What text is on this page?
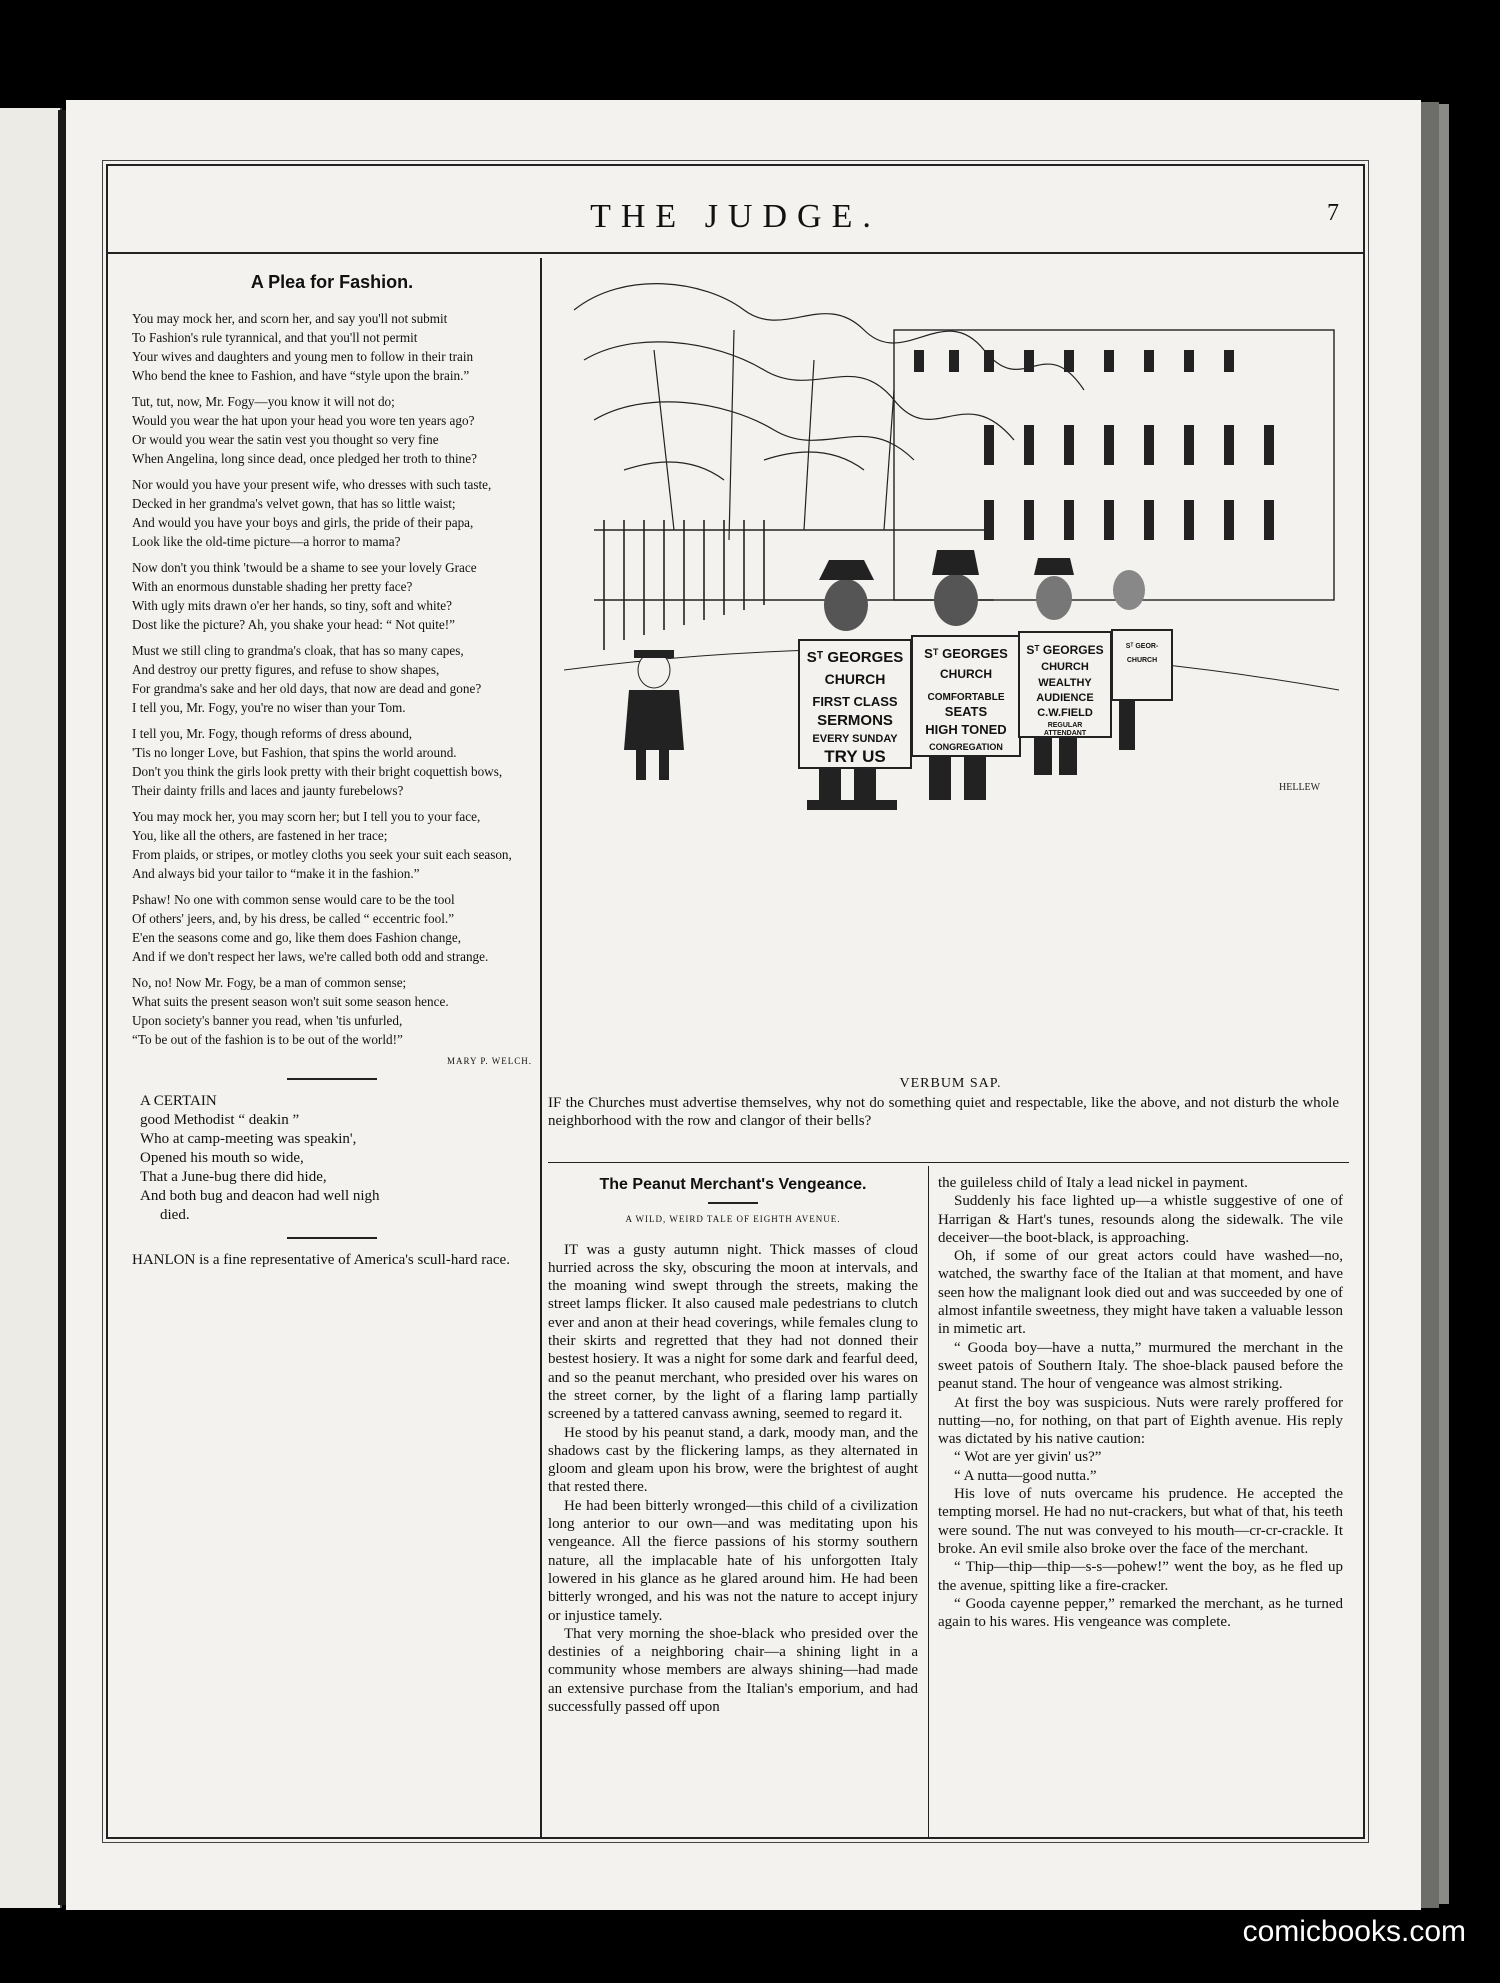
THE JUDGE.	7
A Plea for Fashion.
You may mock her, and scorn her, and say you'll not submit
To Fashion's rule tyrannical, and that you'll not permit
Your wives and daughters and young men to follow in their train
Who bend the knee to Fashion, and have “style upon the brain.”
Tut, tut, now, Mr. Fogy—you know it will not do;
Would you wear the hat upon your head you wore ten years ago?
Or would you wear the satin vest you thought so very fine
When Angelina, long since dead, once pledged her troth to thine?
Nor would you have your present wife, who dresses with such taste,
Decked in her grandma's velvet gown, that has so little waist;
And would you have your boys and girls, the pride of their papa,
Look like the old-time picture—a horror to mama?
Now don't you think 'twould be a shame to see your lovely Grace
With an enormous dunstable shading her pretty face?
With ugly mits drawn o'er her hands, so tiny, soft and white?
Dost like the picture? Ah, you shake your head: “ Not quite!”
Must we still cling to grandma's cloak, that has so many capes,
And destroy our pretty figures, and refuse to show shapes,
For grandma's sake and her old days, that now are dead and gone?
I tell you, Mr. Fogy, you're no wiser than your Tom.
I tell you, Mr. Fogy, though reforms of dress abound,
'Tis no longer Love, but Fashion, that spins the world around.
Don't you think the girls look pretty with their bright coquettish bows,
Their dainty frills and laces and jaunty furebelows?
You may mock her, you may scorn her; but I tell you to your face,
You, like all the others, are fastened in her trace;
From plaids, or stripes, or motley cloths you seek your suit each season,
And always bid your tailor to “make it in the fashion.”
Pshaw! No one with common sense would care to be the tool
Of others' jeers, and, by his dress, be called “ eccentric fool.”
E'en the seasons come and go, like them does Fashion change,
And if we don't respect her laws, we're called both odd and strange.
No, no! Now Mr. Fogy, be a man of common sense;
What suits the present season won't suit some season hence.
Upon society's banner you read, when 'tis unfurled,
“To be out of the fashion is to be out of the world!”
MARY P. WELCH.
A CERTAIN
good Methodist “ deakin ”
Who at camp-meeting was speakin',
Opened his mouth so wide,
That a June-bug there did hide,
And both bug and deacon had well nigh
died.
HANLON is a fine representative of America's scull-hard race.
Sᵀ GEORGES
CHURCH
FIRST CLASS
SERMONS
EVERY SUNDAY
TRY US
Sᵀ GEORGES
CHURCH
COMFORTABLE
SEATS
HIGH TONED
CONGREGATION
Sᵀ GEORGES
CHURCH
WEALTHY
AUDIENCE
C.W.FIELD
REGULAR
ATTENDANT
Sᵀ GEOR-
CHURCH
HELLEW
VERBUM SAP.
IF the Churches must advertise themselves, why not do something quiet and respectable, like the above, and not disturb the whole neighborhood with the row and clangor of their bells?
The Peanut Merchant's Vengeance.
A WILD, WEIRD TALE OF EIGHTH AVENUE.

IT was a gusty autumn night. Thick masses of cloud hurried across the sky, obscuring the moon at intervals, and the moaning wind swept through the streets, making the street lamps flicker. It also caused male pedestrians to clutch ever and anon at their head coverings, while females clung to their skirts and regretted that they had not donned their bestest hosiery. It was a night for some dark and fearful deed, and so the peanut merchant, who presided over his wares on the street corner, by the light of a flaring lamp partially screened by a tattered canvass awning, seemed to regard it.

He stood by his peanut stand, a dark, moody man, and the shadows cast by the flickering lamps, as they alternated in gloom and gleam upon his brow, were the brightest of aught that rested there.

He had been bitterly wronged—this child of a civilization long anterior to our own—and was meditating upon his vengeance. All the fierce passions of his stormy southern nature, all the implacable hate of his unforgotten Italy lowered in his glance as he glared around him. He had been bitterly wronged, and his was not the nature to accept injury or injustice tamely.

That very morning the shoe-black who presided over the destinies of a neighboring chair—a shining light in a community whose members are always shining—had made an extensive purchase from the Italian's emporium, and had successfully passed off upon

the guileless child of Italy a lead nickel in payment.

Suddenly his face lighted up—a whistle suggestive of one of Harrigan & Hart's tunes, resounds along the sidewalk. The vile deceiver—the boot-black, is approaching.

Oh, if some of our great actors could have washed—no, watched, the swarthy face of the Italian at that moment, and have seen how the malignant look died out and was succeeded by one of almost infantile sweetness, they might have taken a valuable lesson in mimetic art.

“ Gooda boy—have a nutta,” murmured the merchant in the sweet patois of Southern Italy. The shoe-black paused before the peanut stand. The hour of vengeance was almost striking.

At first the boy was suspicious. Nuts were rarely proffered for nutting—no, for nothing, on that part of Eighth avenue. His reply was dictated by his native caution:

“ Wot are yer givin' us?”

“ A nutta—good nutta.”

His love of nuts overcame his prudence. He accepted the tempting morsel. He had no nut-crackers, but what of that, his teeth were sound. The nut was conveyed to his mouth—cr-cr-crackle. It broke. An evil smile also broke over the face of the merchant.

“ Thip—thip—thip—s-s—pohew!” went the boy, as he fled up the avenue, spitting like a fire-cracker.

“ Gooda cayenne pepper,” remarked the merchant, as he turned again to his wares. His vengeance was complete.

comicbooks.com
